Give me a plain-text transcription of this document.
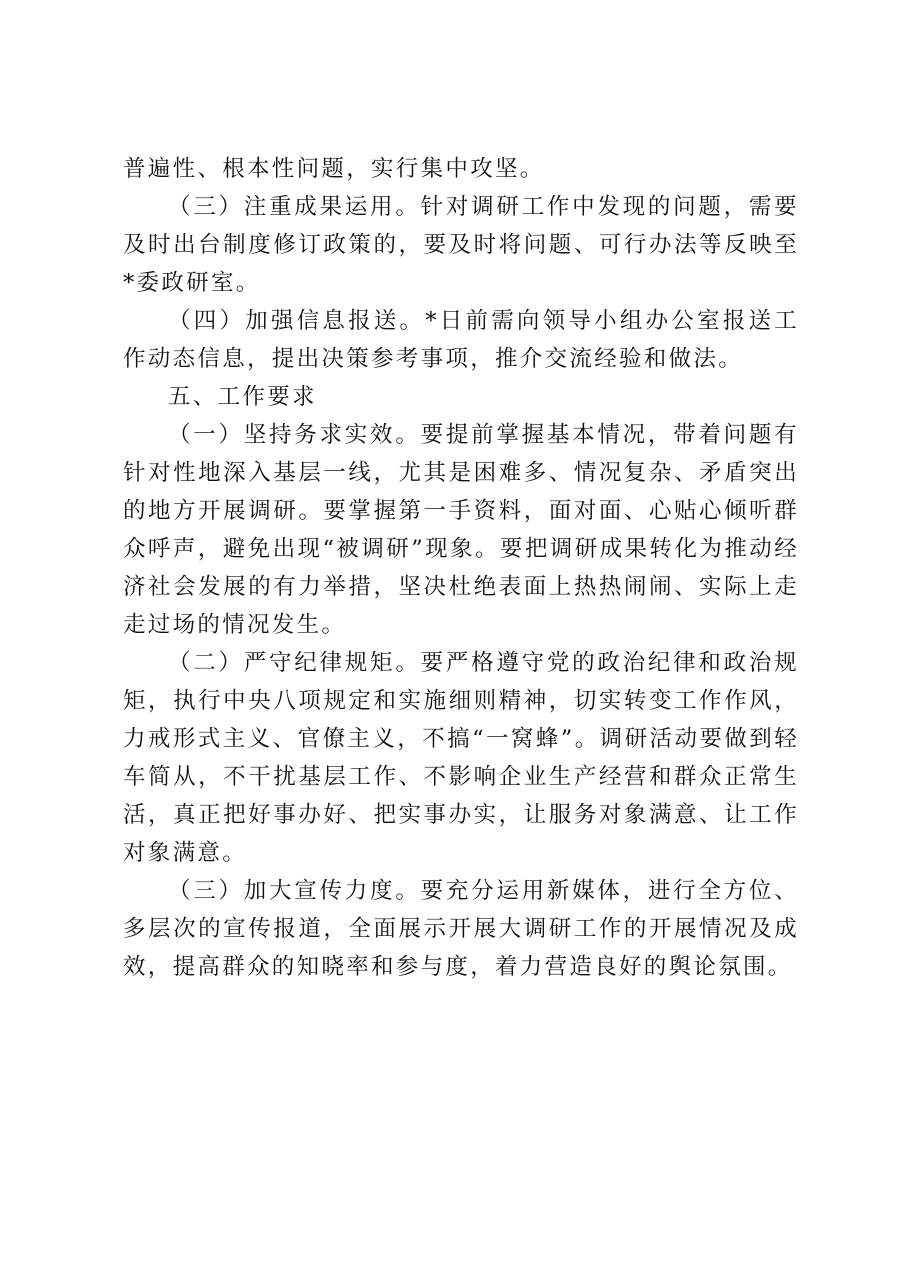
普遍性、根本性问题，实行集中攻坚。

（三）注重成果运用。针对调研工作中发现的问题，需要及时出台制度修订政策的，要及时将问题、可行办法等反映至*委政研室。

（四）加强信息报送。*日前需向领导小组办公室报送工作动态信息，提出决策参考事项，推介交流经验和做法。

五、工作要求

（一）坚持务求实效。要提前掌握基本情况，带着问题有针对性地深入基层一线，尤其是困难多、情况复杂、矛盾突出的地方开展调研。要掌握第一手资料，面对面、心贴心倾听群众呼声，避免出现“被调研”现象。要把调研成果转化为推动经济社会发展的有力举措，坚决杜绝表面上热热闹闹、实际上走走过场的情况发生。

（二）严守纪律规矩。要严格遵守党的政治纪律和政治规矩，执行中央八项规定和实施细则精神，切实转变工作作风，力戒形式主义、官僚主义，不搞“一窝蜂”。调研活动要做到轻车简从，不干扰基层工作、不影响企业生产经营和群众正常生活，真正把好事办好、把实事办实，让服务对象满意、让工作对象满意。

（三）加大宣传力度。要充分运用新媒体，进行全方位、多层次的宣传报道，全面展示开展大调研工作的开展情况及成效，提高群众的知晓率和参与度，着力营造良好的舆论氛围。
